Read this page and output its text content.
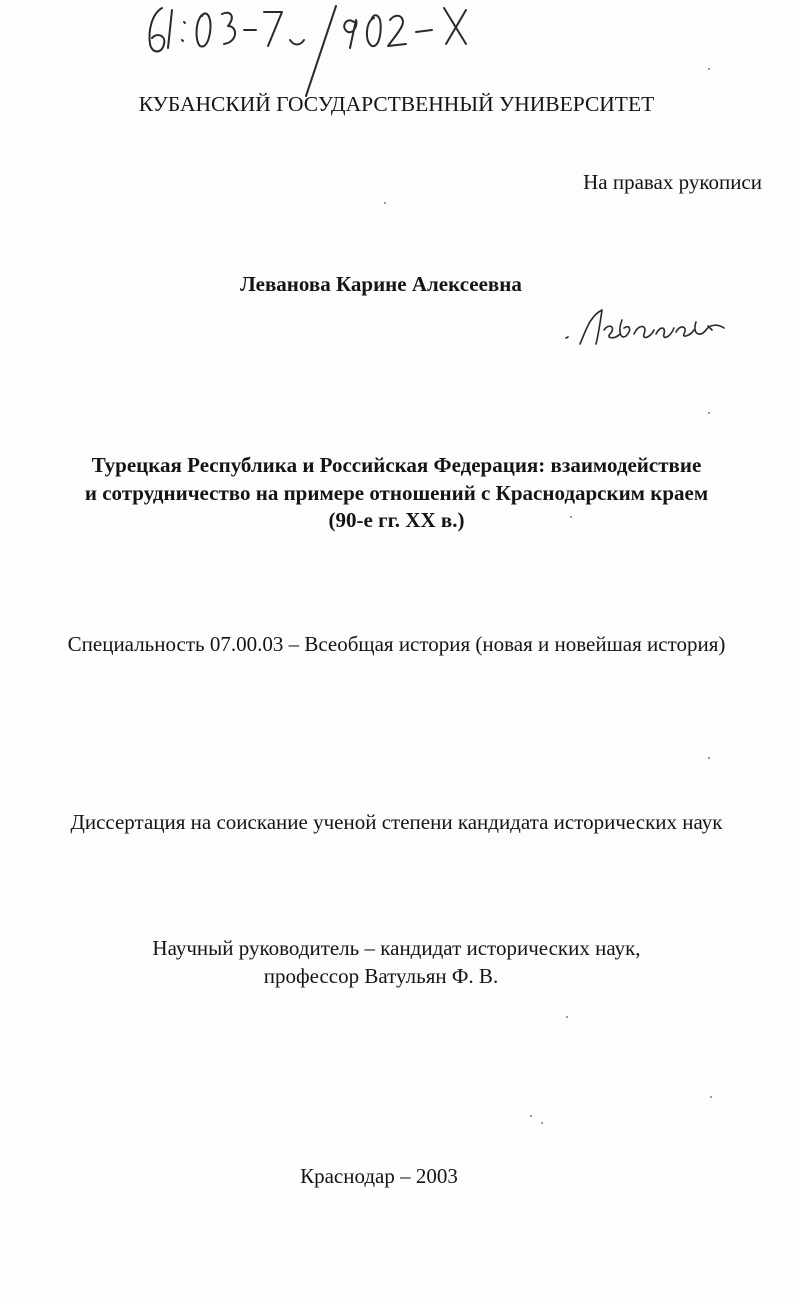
КУБАНСКИЙ ГОСУДАРСТВЕННЫЙ УНИВЕРСИТЕТ
На правах рукописи
Леванова Карине Алексеевна
Турецкая Республика и Российская Федерация: взаимодействие
и сотрудничество на примере отношений с Краснодарским краем
(90-е гг. XX в.)
Специальность 07.00.03 – Всеобщая история (новая и новейшая история)
Диссертация на соискание ученой степени кандидата исторических наук
Научный руководитель – кандидат исторических наук,
профессор Ватульян Ф. В.
Краснодар – 2003
